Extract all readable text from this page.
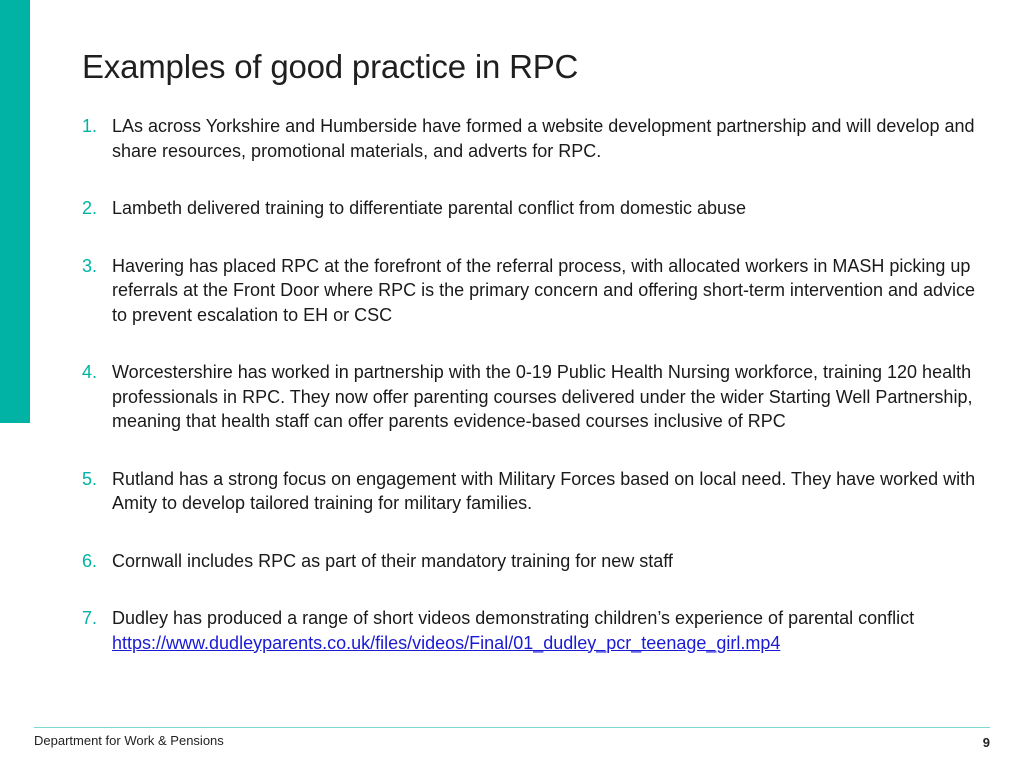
Examples of good practice in RPC
1. LAs across Yorkshire and Humberside have formed a website development partnership and will develop and share resources, promotional materials, and adverts for RPC.
2. Lambeth delivered training to differentiate parental conflict from domestic abuse
3. Havering has placed RPC at the forefront of the referral process, with allocated workers in MASH picking up referrals at the Front Door where RPC is the primary concern and offering short-term intervention and advice to prevent escalation to EH or CSC
4. Worcestershire has worked in partnership with the 0-19 Public Health Nursing workforce, training 120 health professionals in RPC. They now offer parenting courses delivered under the wider Starting Well Partnership, meaning that health staff can offer parents evidence-based courses inclusive of RPC
5. Rutland has a strong focus on engagement with Military Forces based on local need. They have worked with Amity to develop tailored training for military families.
6. Cornwall includes RPC as part of their mandatory training for new staff
7. Dudley has produced a range of short videos demonstrating children’s experience of parental conflict https://www.dudleyparents.co.uk/files/videos/Final/01_dudley_pcr_teenage_girl.mp4
Department for Work & Pensions	9
